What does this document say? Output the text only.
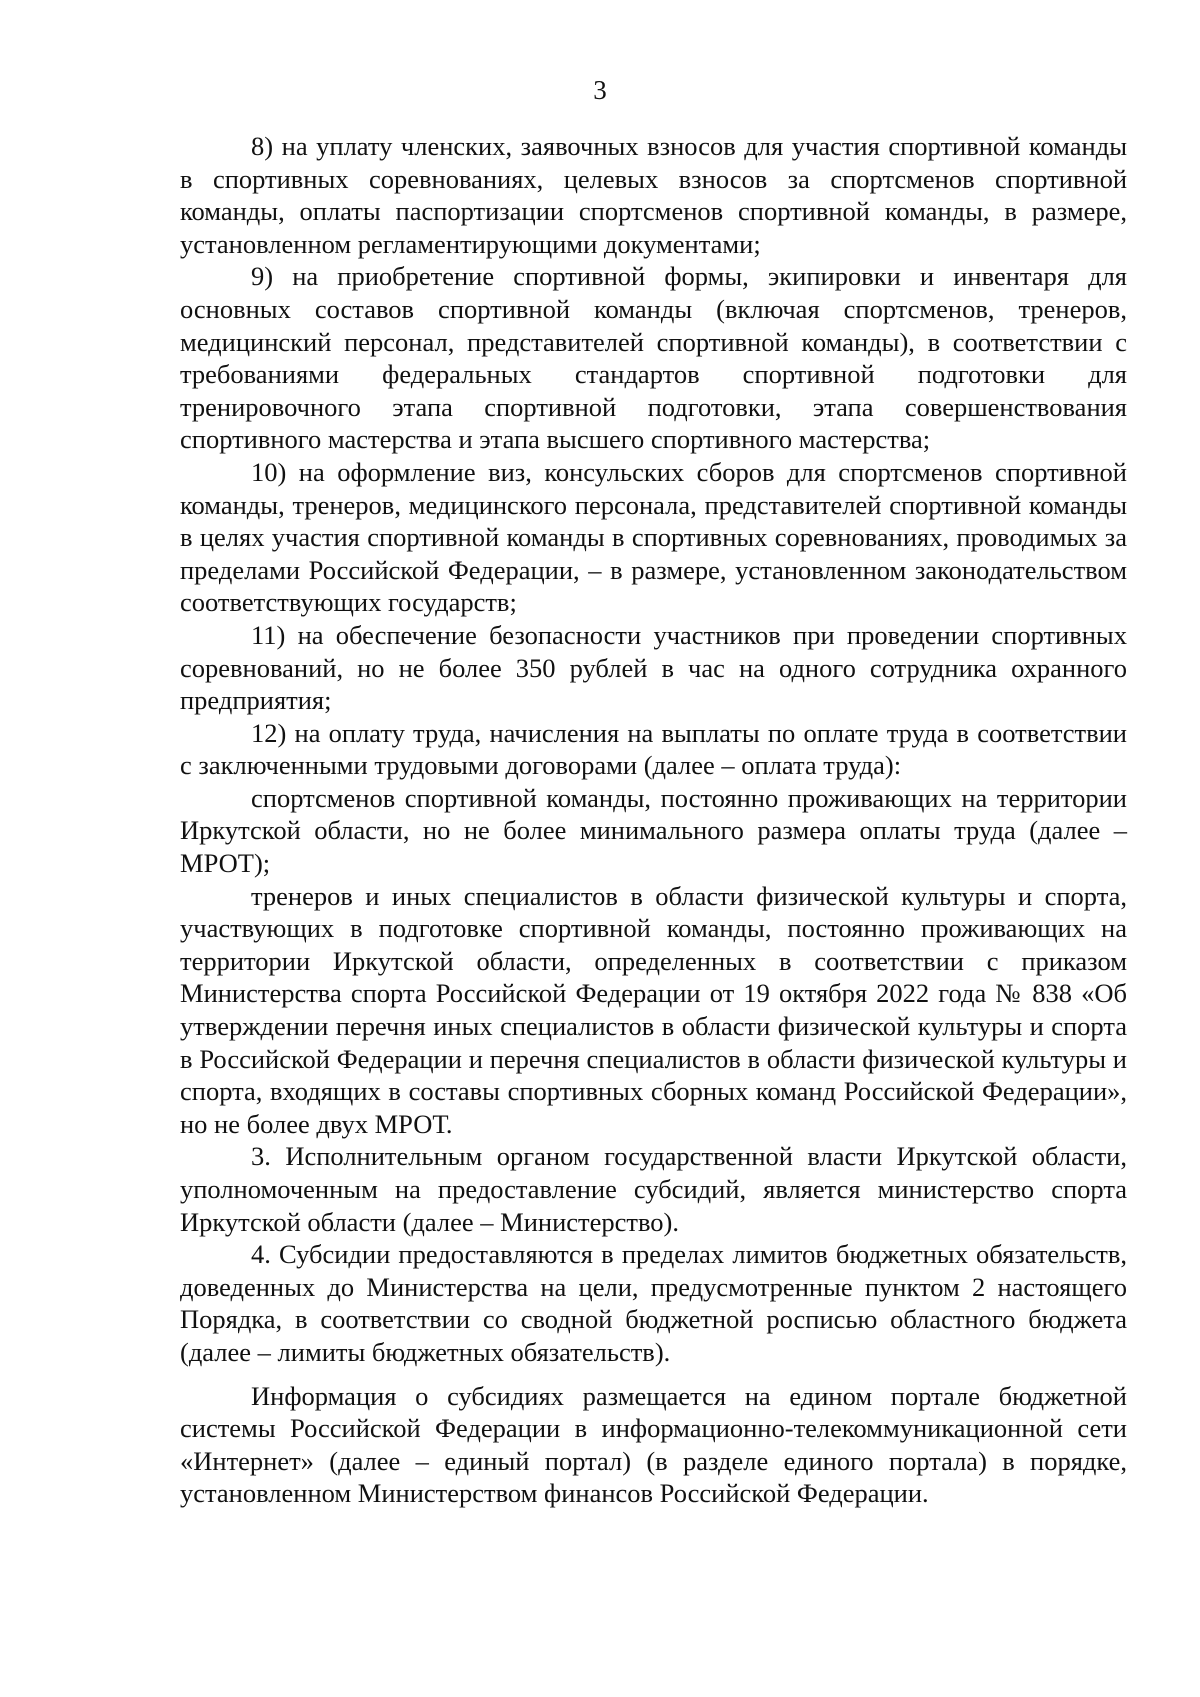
3

8) на уплату членских, заявочных взносов для участия спортивной команды в спортивных соревнованиях, целевых взносов за спортсменов спортивной команды, оплаты паспортизации спортсменов спортивной команды, в размере, установленном регламентирующими документами;

9) на приобретение спортивной формы, экипировки и инвентаря для основных составов спортивной команды (включая спортсменов, тренеров, медицинский персонал, представителей спортивной команды), в соответствии с требованиями федеральных стандартов спортивной подготовки для тренировочного этапа спортивной подготовки, этапа совершенствования спортивного мастерства и этапа высшего спортивного мастерства;

10) на оформление виз, консульских сборов для спортсменов спортивной команды, тренеров, медицинского персонала, представителей спортивной команды в целях участия спортивной команды в спортивных соревнованиях, проводимых за пределами Российской Федерации, – в размере, установленном законодательством соответствующих государств;

11) на обеспечение безопасности участников при проведении спортивных соревнований, но не более 350 рублей в час на одного сотрудника охранного предприятия;

12) на оплату труда, начисления на выплаты по оплате труда в соответствии с заключенными трудовыми договорами (далее – оплата труда):

спортсменов спортивной команды, постоянно проживающих на территории Иркутской области, но не более минимального размера оплаты труда (далее – МРОТ);

тренеров и иных специалистов в области физической культуры и спорта, участвующих в подготовке спортивной команды, постоянно проживающих на территории Иркутской области, определенных в соответствии с приказом Министерства спорта Российской Федерации от 19 октября 2022 года № 838 «Об утверждении перечня иных специалистов в области физической культуры и спорта в Российской Федерации и перечня специалистов в области физической культуры и спорта, входящих в составы спортивных сборных команд Российской Федерации», но не более двух МРОТ.

3. Исполнительным органом государственной власти Иркутской области, уполномоченным на предоставление субсидий, является министерство спорта Иркутской области (далее – Министерство).

4. Субсидии предоставляются в пределах лимитов бюджетных обязательств, доведенных до Министерства на цели, предусмотренные пунктом 2 настоящего Порядка, в соответствии со сводной бюджетной росписью областного бюджета (далее – лимиты бюджетных обязательств).

Информация о субсидиях размещается на едином портале бюджетной системы Российской Федерации в информационно-телекоммуникационной сети «Интернет» (далее – единый портал) (в разделе единого портала) в порядке, установленном Министерством финансов Российской Федерации.
